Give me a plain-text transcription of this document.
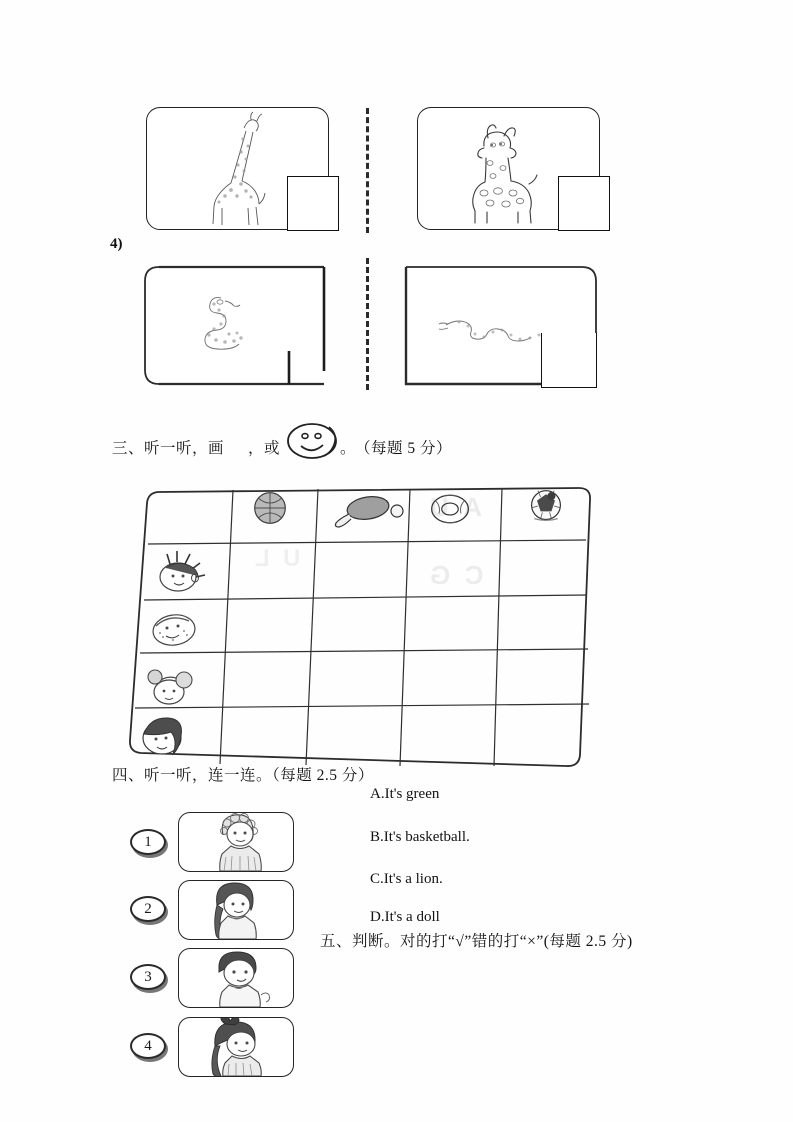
A  U
C  G
U  L
4)
三、听一听，画 ，或	。
（每题 5 分）
四、听一听，连一连。（每题 2.5 分）
1
2
3
4
A.It's green
B.It's basketball.
C.It's a lion.
D.It's a doll
五、判断。对的打“√”错的打“×”(每题 2.5 分)
